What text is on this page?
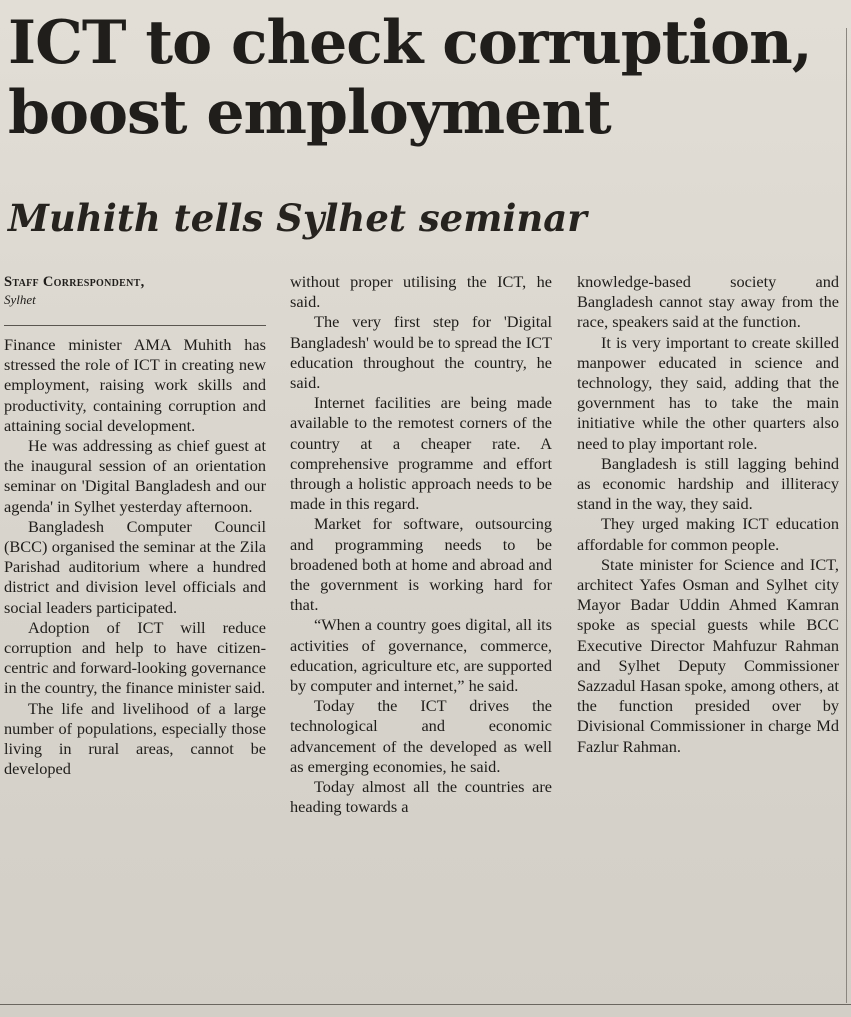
ICT to check corruption,
boost employment
Muhith tells Sylhet seminar
Staff Correspondent,
Sylhet

Finance minister AMA Muhith has stressed the role of ICT in creating new employment, raising work skills and productivity, containing corruption and attaining social development.

He was addressing as chief guest at the inaugural session of an orientation seminar on 'Digital Bangladesh and our agenda' in Sylhet yesterday afternoon.

Bangladesh Computer Council (BCC) organised the seminar at the Zila Parishad auditorium where a hundred district and division level officials and social leaders participated.

Adoption of ICT will reduce corruption and help to have citizen-centric and forward-looking governance in the country, the finance minister said.

The life and livelihood of a large number of populations, especially those living in rural areas, cannot be developed

without proper utilising the ICT, he said.

The very first step for 'Digital Bangladesh' would be to spread the ICT education throughout the country, he said.

Internet facilities are being made available to the remotest corners of the country at a cheaper rate. A comprehensive programme and effort through a holistic approach needs to be made in this regard.

Market for software, outsourcing and programming needs to be broadened both at home and abroad and the government is working hard for that.

“When a country goes digital, all its activities of governance, commerce, education, agriculture etc, are supported by computer and internet,” he said.

Today the ICT drives the technological and economic advancement of the developed as well as emerging economies, he said.

Today almost all the countries are heading towards a

knowledge-based society and Bangladesh cannot stay away from the race, speakers said at the function.

It is very important to create skilled manpower educated in science and technology, they said, adding that the government has to take the main initiative while the other quarters also need to play important role.

Bangladesh is still lagging behind as economic hardship and illiteracy stand in the way, they said.

They urged making ICT education affordable for common people.

State minister for Science and ICT, architect Yafes Osman and Sylhet city Mayor Badar Uddin Ahmed Kamran spoke as special guests while BCC Executive Director Mahfuzur Rahman and Sylhet Deputy Commissioner Sazzadul Hasan spoke, among others, at the function presided over by Divisional Commissioner in charge Md Fazlur Rahman.
